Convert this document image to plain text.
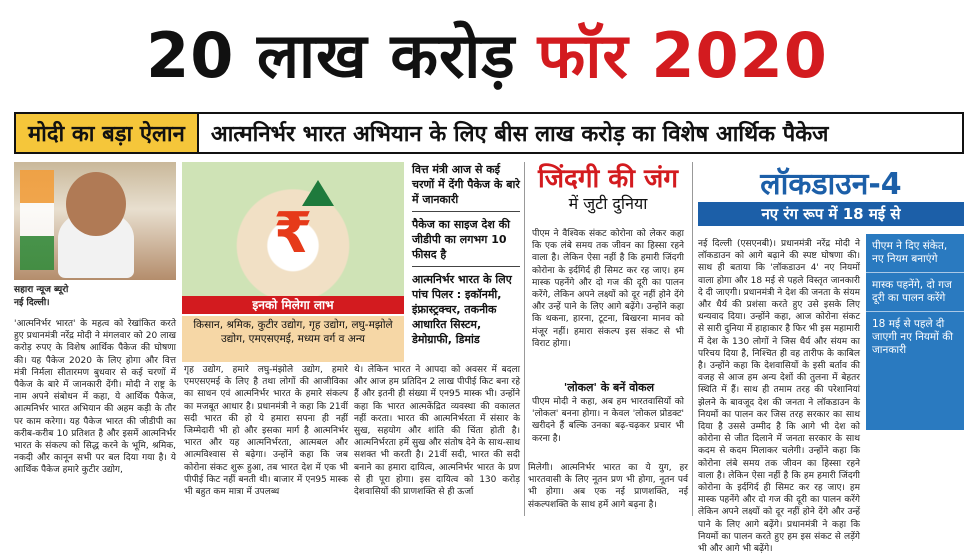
20 लाख करोड़ फॉर 2020
मोदी का बड़ा ऐलान	आत्मनिर्भर भारत अभियान के लिए बीस लाख करोड़ का विशेष आर्थिक पैकेज
सहारा न्यूज ब्यूरो
नई दिल्ली।
'आत्मनिर्भर भारत' के महत्व को रेखांकित करते हुए प्रधानमंत्री नरेंद्र मोदी ने मंगलवार को 20 लाख करोड़ रुपए के विशेष आर्थिक पैकेज की घोषणा की। यह पैकेज 2020 के लिए होगा और वित्त मंत्री निर्मला सीतारमण बुधवार से कई चरणों में पैकेज के बारे में जानकारी देंगी। मोदी ने राष्ट्र के नाम अपने संबोधन में कहा, ये आर्थिक पैकेज, आत्मनिर्भर भारत अभियान की अहम कड़ी के तौर पर काम करेगा। यह पैकेज भारत की जीडीपी का करीब-करीब 10 प्रतिशत है और इसमें आत्मनिर्भर भारत के संकल्प को सिद्ध करने के भूमि, श्रमिक, नकदी और कानून सभी पर बल दिया गया है। ये आर्थिक पैकेज हमारे कुटीर उद्योग,
₹
इनको मिलेगा लाभ
किसान, श्रमिक, कुटीर उद्योग, गृह उद्योग, लघु-मझोले उद्योग, एमएसएमई, मध्यम वर्ग व अन्य
गृह उद्योग, हमारे लघु-मंझोले उद्योग, हमारे एमएसएमई के लिए है तथा लोगों की आजीविका का साधन एवं आत्मनिर्भर भारत के हमारे संकल्प का मजबूत आधार है। प्रधानमंत्री ने कहा कि 21वीं सदी भारत की हो ये हमारा सपना ही नहीं जिम्मेदारी भी हो और इसका मार्ग है आत्मनिर्भर भारत और यह आत्मनिर्भरता, आत्मबल और आत्मविश्वास से बढ़ेगा। उन्होंने कहा कि जब कोरोना संकट शुरू हुआ, तब भारत देश में एक भी पीपीई किट नहीं बनती थी। बाजार में एन95 मास्क भी बहुत कम मात्रा में उपलब्ध
थे। लेकिन भारत ने आपदा को अवसर में बदला और आज हम प्रतिदिन 2 लाख पीपीई किट बना रहे हैं और इतनी ही संख्या में एन95 मास्क भी। उन्होंने कहा कि भारत आत्मकेंद्रित व्यवस्था की वकालत नहीं करता। भारत की आत्मनिर्भरता में संसार के सुख, सहयोग और शांति की चिंता होती है। आत्मनिर्भरता हमें सुख और संतोष देने के साथ-साथ सशक्त भी करती है। 21वीं सदी, भारत की सदी बनाने का हमारा दायित्व, आत्मनिर्भर भारत के प्रण से ही पूरा होगा। इस दायित्व को 130 करोड़ देशवासियों की प्राणशक्ति से ही ऊर्जा
वित्त मंत्री आज से कई चरणों में देंगी पैकेज के बारे में जानकारी
पैकेज का साइज देश की जीडीपी का लगभग 10 फीसद है
आत्मनिर्भर भारत के लिए पांच पिलर : इकॉनमी, इंफ्रास्ट्रक्चर, तकनीक आधारित सिस्टम, डेमोग्राफी, डिमांड
जिंदगी की जंग
में जुटी दुनिया
पीएम ने वैश्विक संकट कोरोना को लेकर कहा कि एक लंबे समय तक जीवन का हिस्सा रहने वाला है। लेकिन ऐसा नहीं है कि हमारी जिंदगी कोरोना के इर्दगिर्द ही सिमट कर रह जाए। हम मास्क पहनेंगे और दो गज की दूरी का पालन करेंगे, लेकिन अपने लक्ष्यों को दूर नहीं होने देंगे और उन्हें पाने के लिए आगे बढ़ेंगे। उन्होंने कहा कि थकना, हारना, टूटना, बिखरना मानव को मंजूर नहीं। हमारा संकल्प इस संकट से भी विराट होगा।
'लोकल' के बनें वोकल
पीएम मोदी ने कहा, अब हम भारतवासियों को 'लोकल' बनना होगा। न केवल 'लोकल प्रोडक्ट' खरीदने हैं बल्कि उनका बढ़-चढ़कर प्रचार भी करना है।
मिलेगी। आत्मनिर्भर भारत का ये युग, हर भारतवासी के लिए नूतन प्रण भी होगा, नूतन पर्व भी होगा। अब एक नई प्राणशक्ति, नई संकल्पशक्ति के साथ हमें आगे बढ़ना है।
लॉकडाउन-4
नए रंग रूप में 18 मई से
नई दिल्ली (एसएनबी)। प्रधानमंत्री नरेंद्र मोदी ने लॉकडाउन को आगे बढ़ाने की स्पष्ट घोषणा की। साथ ही बताया कि 'लॉकडाउन 4' नए नियमों वाला होगा और 18 मई से पहले विस्तृत जानकारी दे दी जाएगी। प्रधानमंत्री ने देश की जनता के संयम और धैर्य की प्रशंसा करते हुए उसे इसके लिए धन्यवाद दिया। उन्होंने कहा, आज कोरोना संकट से सारी दुनिया में हाहाकार है फिर भी इस महामारी में देश के 130 लोगों ने जिस धैर्य और संयम का परिचय दिया है, निश्चित ही वह तारीफ के काबिल है। उन्होंने कहा कि देशवासियों के इसी बर्ताव की वजह से आज हम अन्य देशों की तुलना में बेहतर स्थिति में हैं। साथ ही तमाम तरह की परेशानियां झेलने के बावजूद देश की जनता ने लॉकडाउन के नियमों का पालन कर जिस तरह सरकार का साथ दिया है उससे उम्मीद है कि आगे भी देश को कोरोना से जीत दिलाने में जनता सरकार के साथ कदम से कदम मिलाकर चलेगी। उन्होंने कहा कि कोरोना लंबे समय तक जीवन का हिस्सा रहने वाला है। लेकिन ऐसा नहीं है कि हम हमारी जिंदगी कोरोना के इर्दगिर्द ही सिमट कर रह जाए। हम मास्क पहनेंगे और दो गज की दूरी का पालन करेंगे लेकिन अपने लक्ष्यों को दूर नहीं होने देंगे और उन्हें पाने के लिए आगे बढ़ेंगे। प्रधानमंत्री ने कहा कि नियमों का पालन करते हुए हम इस संकट से लड़ेंगे भी और आगे भी बढ़ेंगे।
पीएम ने दिए संकेत, नए नियम बनाएंगे
मास्क पहनेंगे, दो गज दूरी का पालन करेंगे
18 मई से पहले दी जाएगी नए नियमों की जानकारी
